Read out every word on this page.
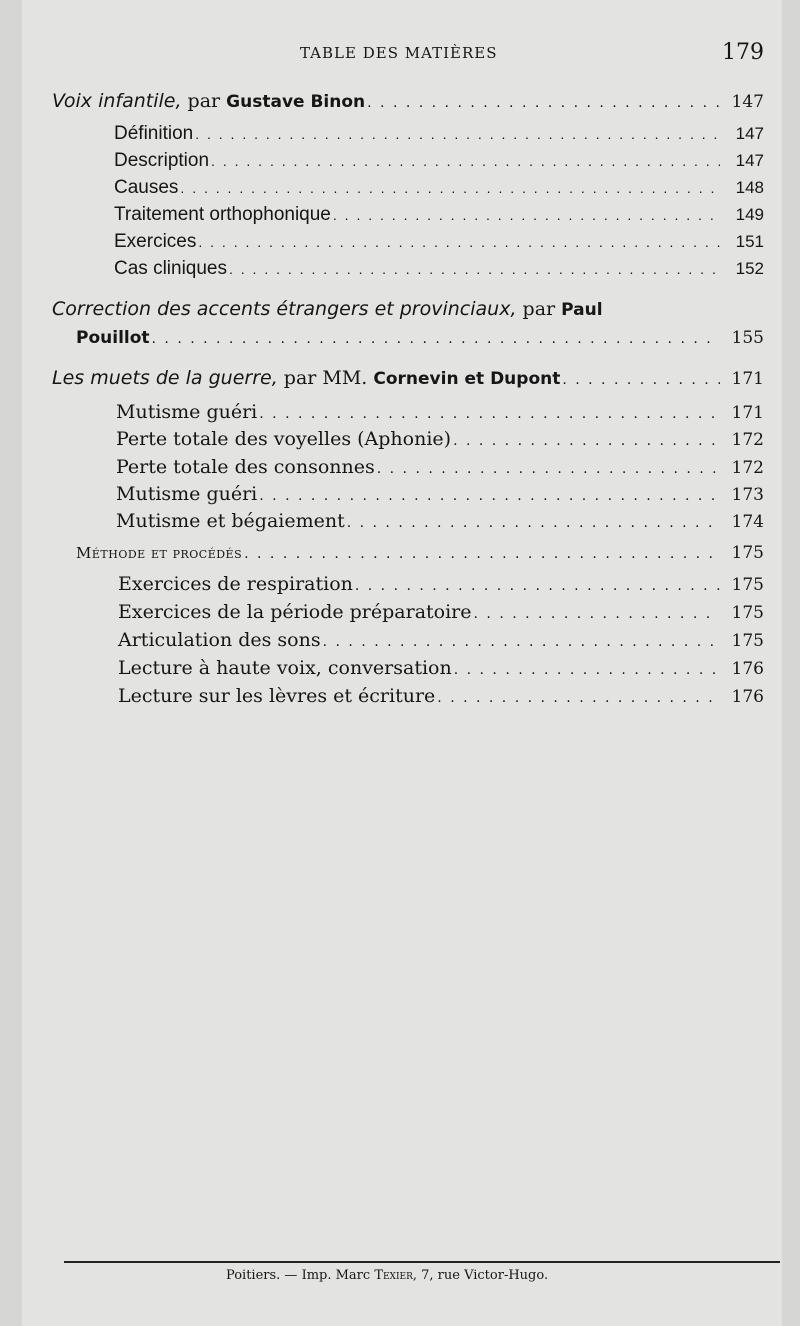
TABLE DES MATIÈRES	179
Voix infantile, par Gustave Binon . . .	147
Définition . . .	147
Description . . .	147
Causes . . .	148
Traitement orthophonique . . .	149
Exercices . . .	151
Cas cliniques . . .	152
Correction des accents étrangers et provinciaux, par Paul
Pouillot . . .	155
Les muets de la guerre, par MM. Cornevin et Dupont . . .	171
Mutisme guéri . . .	171
Perte totale des voyelles (Aphonie) . . .	172
Perte totale des consonnes . . .	172
Mutisme guéri . . .	173
Mutisme et bégaiement . . .	174
Méthode et procédés . . .	175
Exercices de respiration . . .	175
Exercices de la période préparatoire . . .	175
Articulation des sons . . .	175
Lecture à haute voix, conversation . . .	176
Lecture sur les lèvres et écriture . . .	176
Poitiers. — Imp. Marc Texier, 7, rue Victor-Hugo.
